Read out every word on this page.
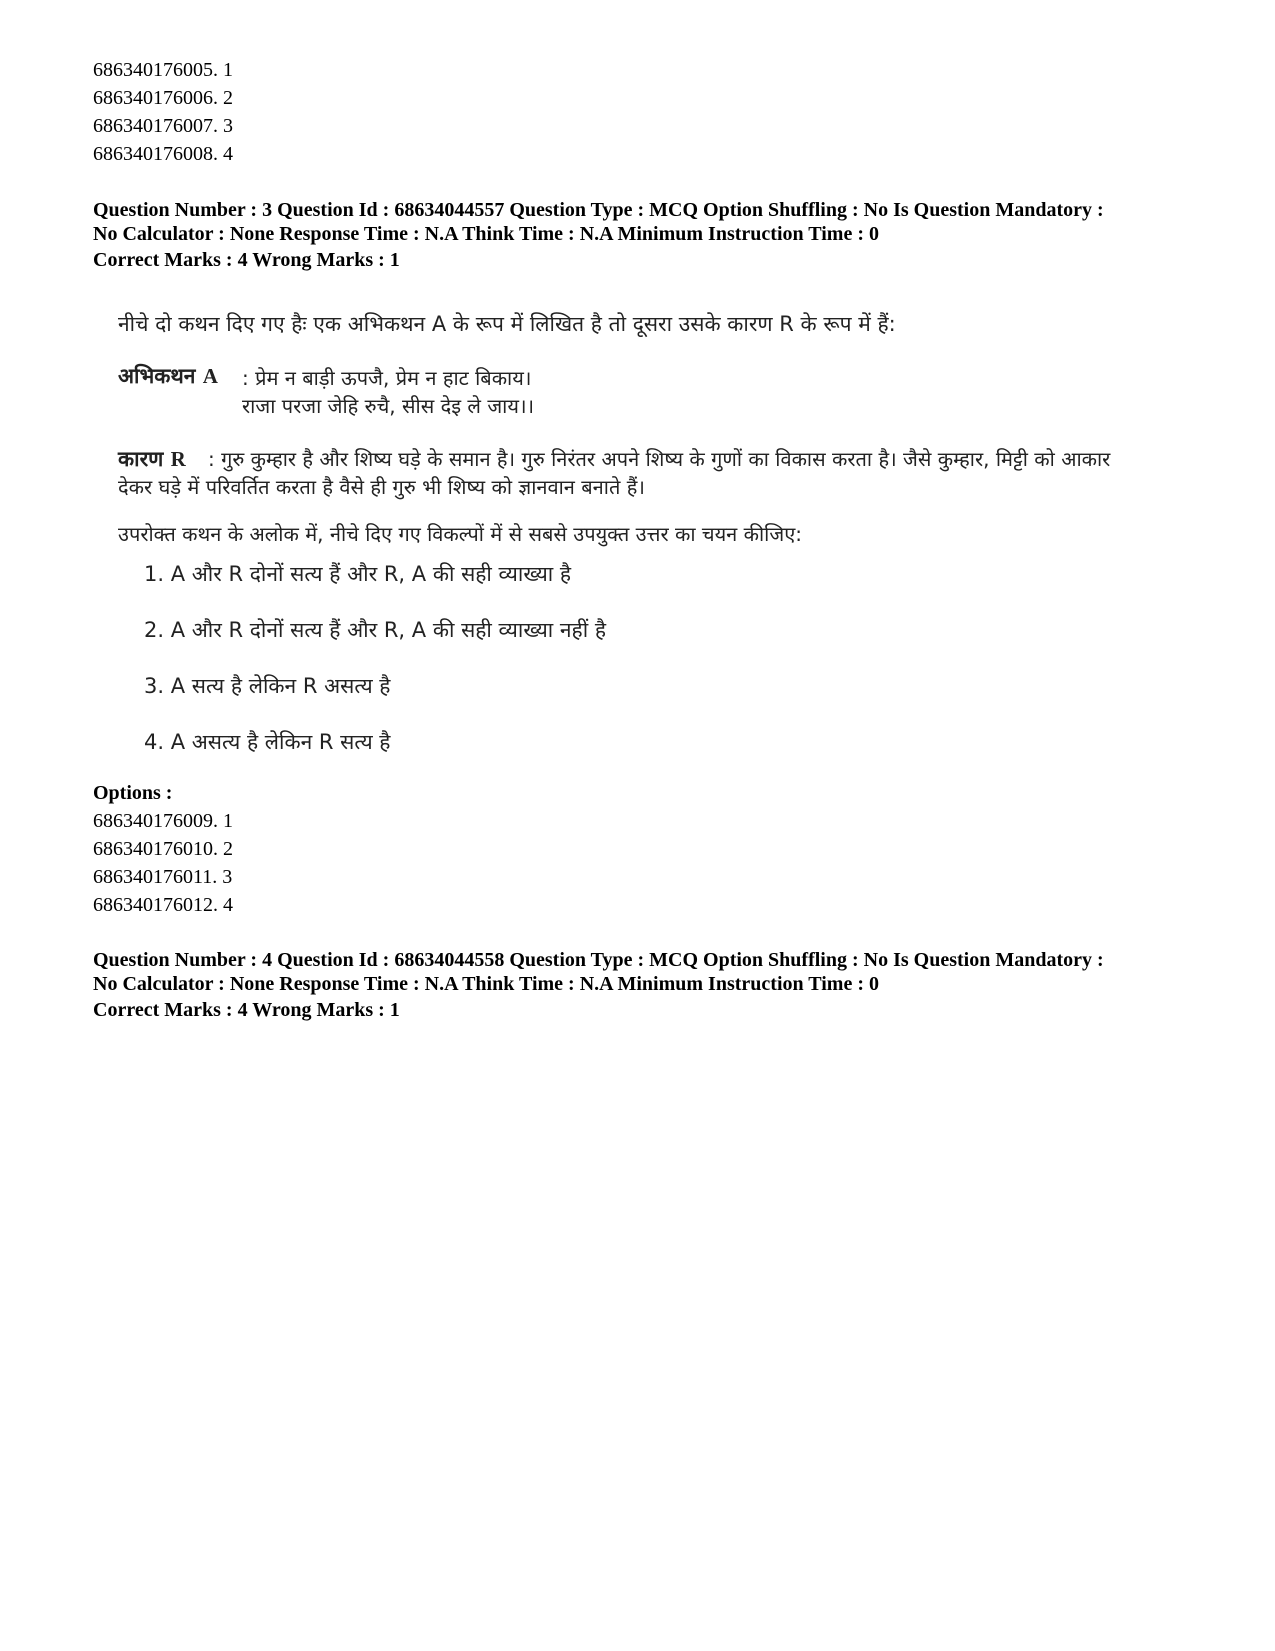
686340176005. 1
686340176006. 2
686340176007. 3
686340176008. 4
Question Number : 3 Question Id : 68634044557 Question Type : MCQ Option Shuffling : No Is Question Mandatory :
No Calculator : None Response Time : N.A Think Time : N.A Minimum Instruction Time : 0
Correct Marks : 4 Wrong Marks : 1
नीचे दो कथन दिए गए हैः एक अभिकथन A के रूप में लिखित है तो दूसरा उसके कारण R के रूप में हैं:
अभिकथन A : प्रेम न बाड़ी ऊपजै, प्रेम न हाट बिकाय।
राजा परजा जेहि रुचै, सीस देइ ले जाय।।
कारण R	: गुरु कुम्हार है और शिष्य घड़े के समान है। गुरु निरंतर अपने शिष्य के गुणों का विकास करता है। जैसे कुम्हार, मिट्टी को आकार देकर घड़े में परिवर्तित करता है वैसे ही गुरु भी शिष्य को ज्ञानवान बनाते हैं।
उपरोक्त कथन के अलोक में, नीचे दिए गए विकल्पों में से सबसे उपयुक्त उत्तर का चयन कीजिए:
1. A और R दोनों सत्य हैं और R, A की सही व्याख्या है
2. A और R दोनों सत्य हैं और R, A की सही व्याख्या नहीं है
3. A सत्य है लेकिन R असत्य है
4. A असत्य है लेकिन R सत्य है
Options :
686340176009. 1
686340176010. 2
686340176011. 3
686340176012. 4
Question Number : 4 Question Id : 68634044558 Question Type : MCQ Option Shuffling : No Is Question Mandatory :
No Calculator : None Response Time : N.A Think Time : N.A Minimum Instruction Time : 0
Correct Marks : 4 Wrong Marks : 1
